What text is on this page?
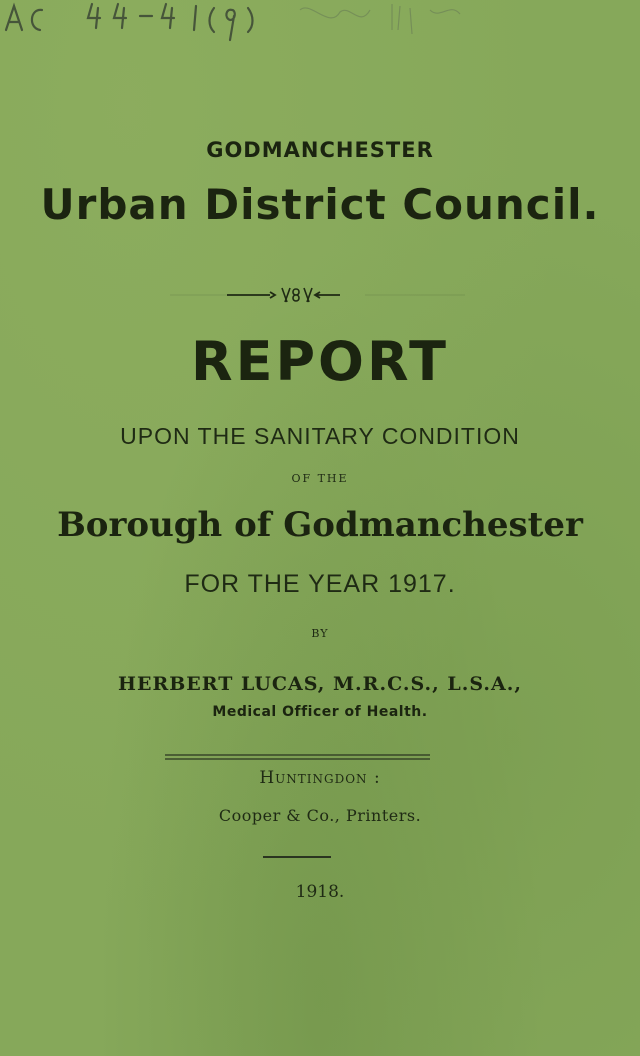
GODMANCHESTER
Urban District Council.
REPORT
UPON THE SANITARY CONDITION
OF THE
Borough of Godmanchester
FOR THE YEAR 1917.
BY
HERBERT LUCAS, M.R.C.S., L.S.A.,
Medical Officer of Health.
Huntingdon :
Cooper & Co., Printers.
1918.
